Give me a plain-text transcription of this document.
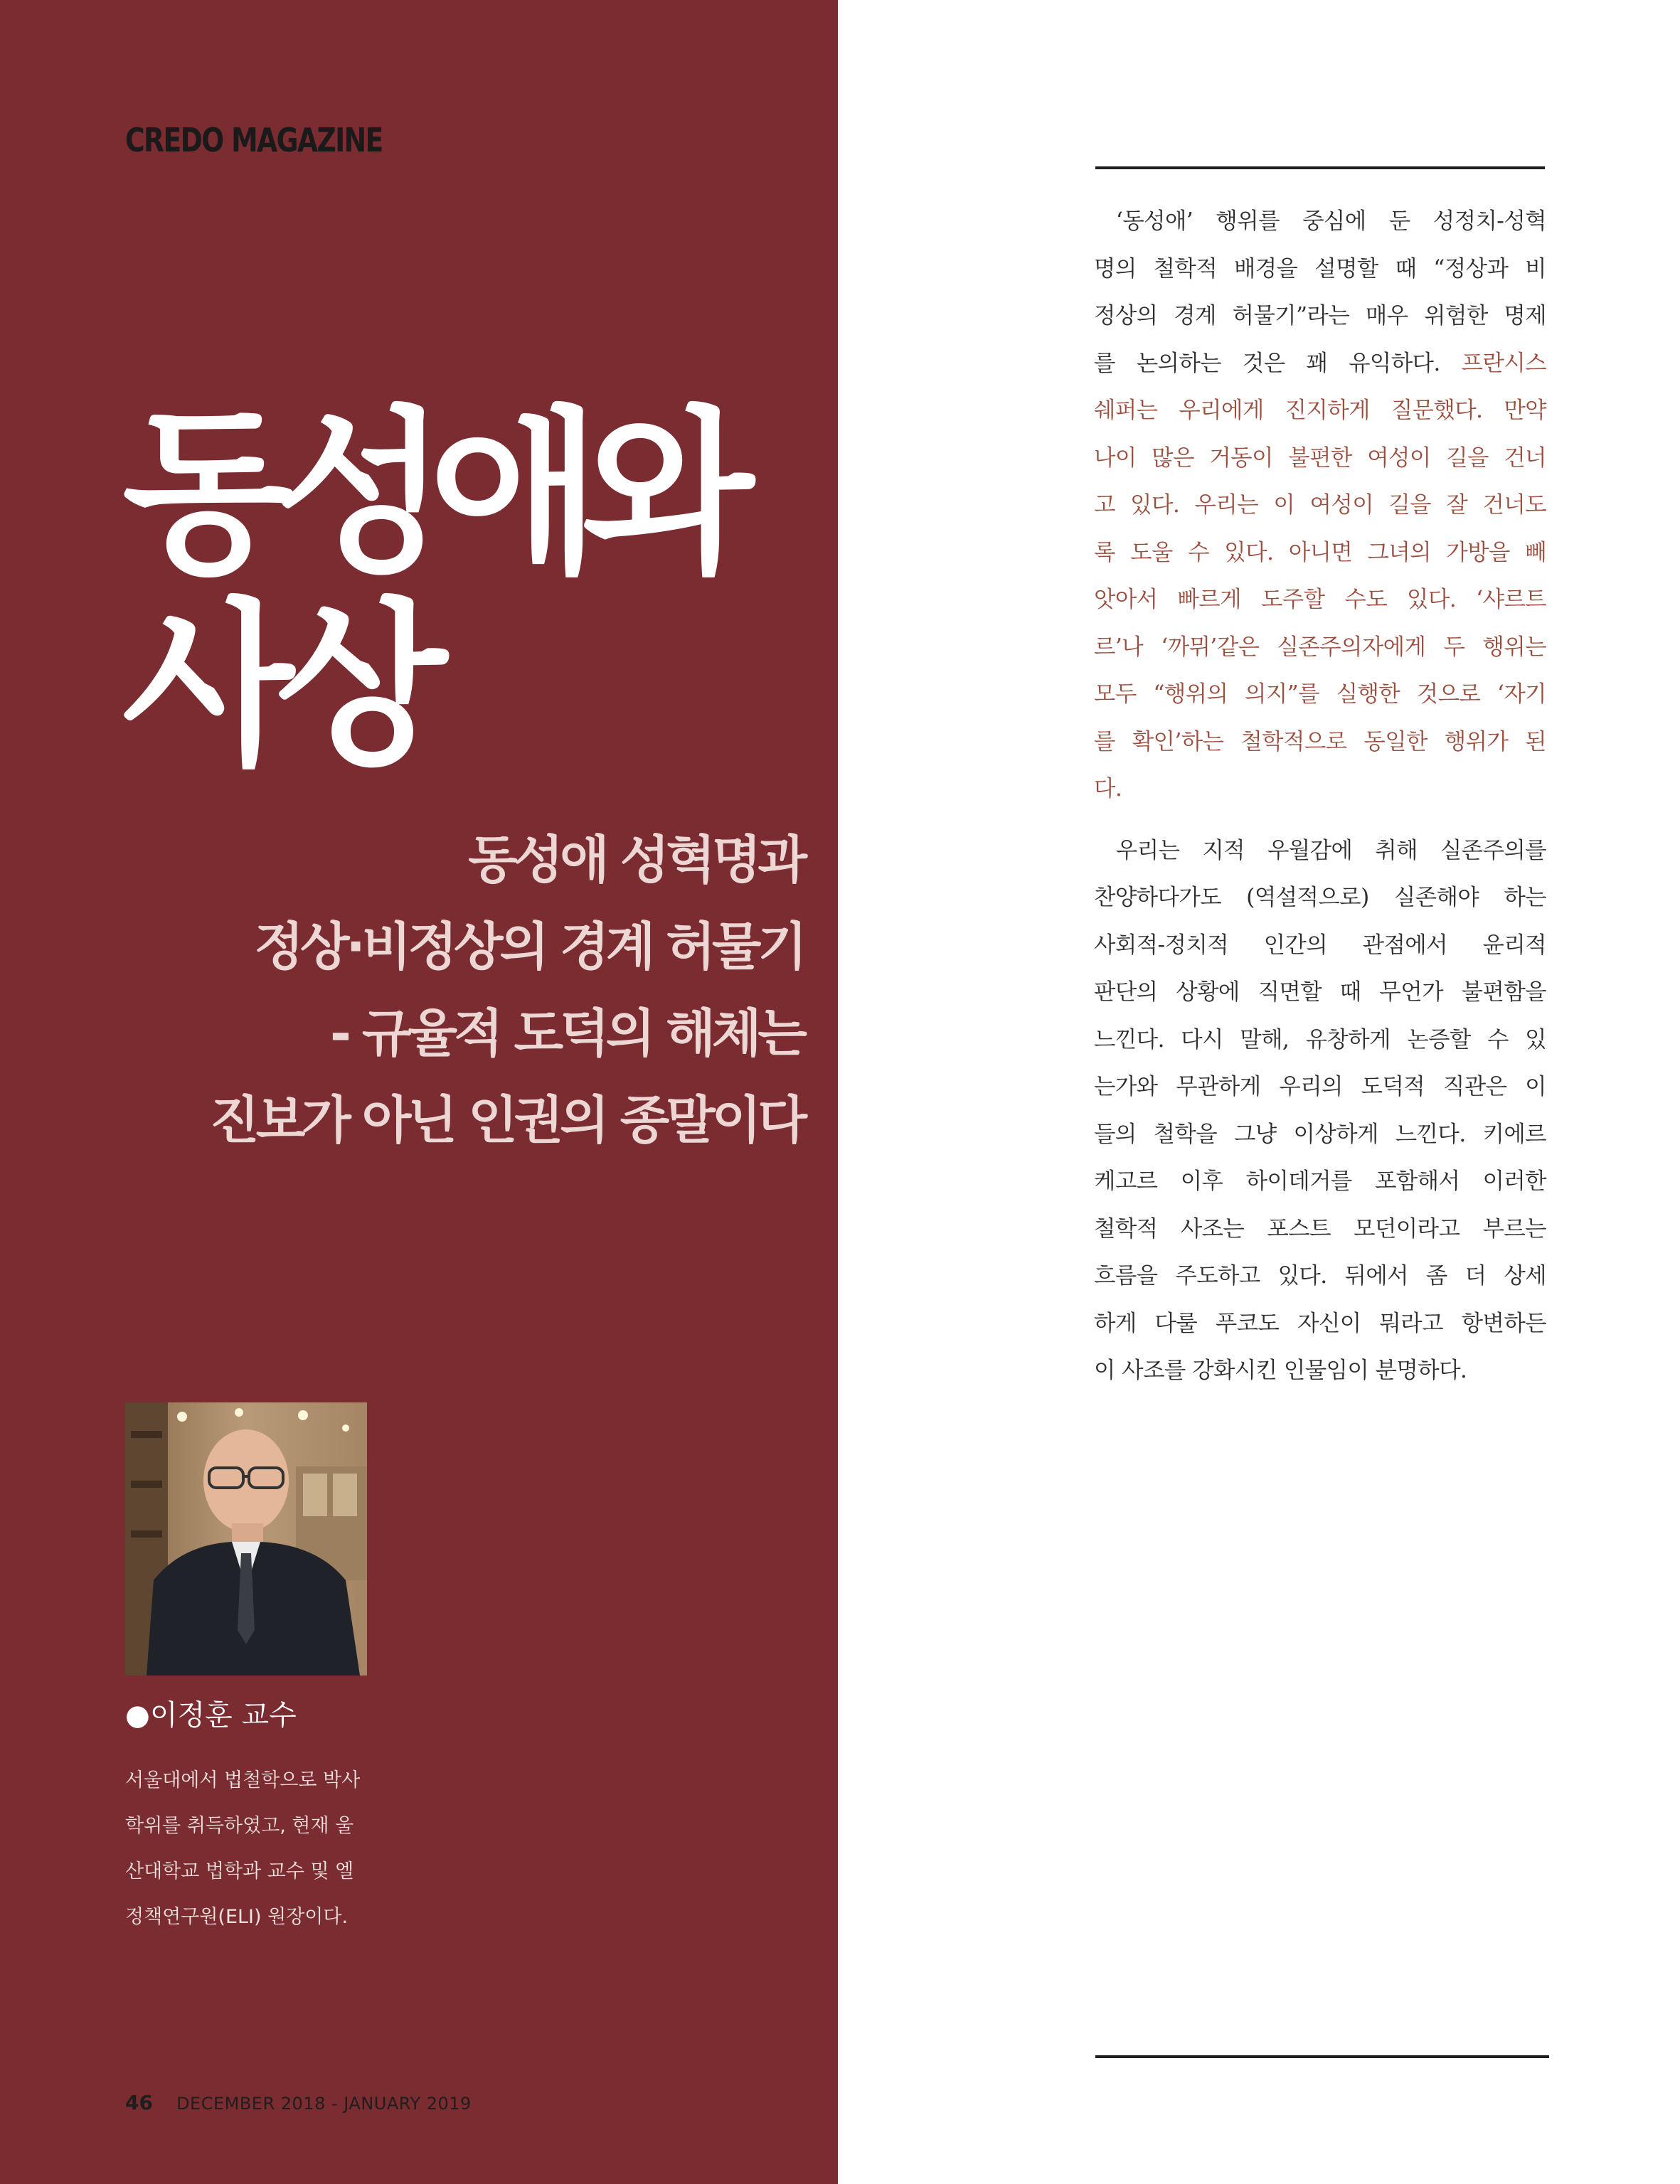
CREDO MAGAZINE
동성애와
사상
동성애 성혁명과
정상·비정상의 경계 허물기
- 규율적 도덕의 해체는
진보가 아닌 인권의 종말이다
●이정훈 교수
서울대에서 법철학으로 박사
학위를 취득하였고, 현재 울
산대학교 법학과 교수 및 엘
정책연구원(ELI) 원장이다.
46 DECEMBER 2018 - JANUARY 2019
 ‘동성애’ 행위를 중심에 둔 성정치-성혁
명의 철학적 배경을 설명할 때 “정상과 비
정상의 경계 허물기”라는 매우 위험한 명제
를 논의하는 것은 꽤 유익하다. 프란시스
쉐퍼는 우리에게 진지하게 질문했다. 만약
나이 많은 거동이 불편한 여성이 길을 건너
고 있다. 우리는 이 여성이 길을 잘 건너도
록 도울 수 있다. 아니면 그녀의 가방을 빼
앗아서 빠르게 도주할 수도 있다. ‘샤르트
르’나 ‘까뮈’같은 실존주의자에게 두 행위는
모두 “행위의 의지”를 실행한 것으로 ‘자기
를 확인’하는 철학적으로 동일한 행위가 된
다.
 우리는 지적 우월감에 취해 실존주의를
찬양하다가도 (역설적으로) 실존해야 하는
사회적-정치적 인간의 관점에서 윤리적
판단의 상황에 직면할 때 무언가 불편함을
느낀다. 다시 말해, 유창하게 논증할 수 있
는가와 무관하게 우리의 도덕적 직관은 이
들의 철학을 그냥 이상하게 느낀다. 키에르
케고르 이후 하이데거를 포함해서 이러한
철학적 사조는 포스트 모던이라고 부르는
흐름을 주도하고 있다. 뒤에서 좀 더 상세
하게 다룰 푸코도 자신이 뭐라고 항변하든
이 사조를 강화시킨 인물임이 분명하다.
